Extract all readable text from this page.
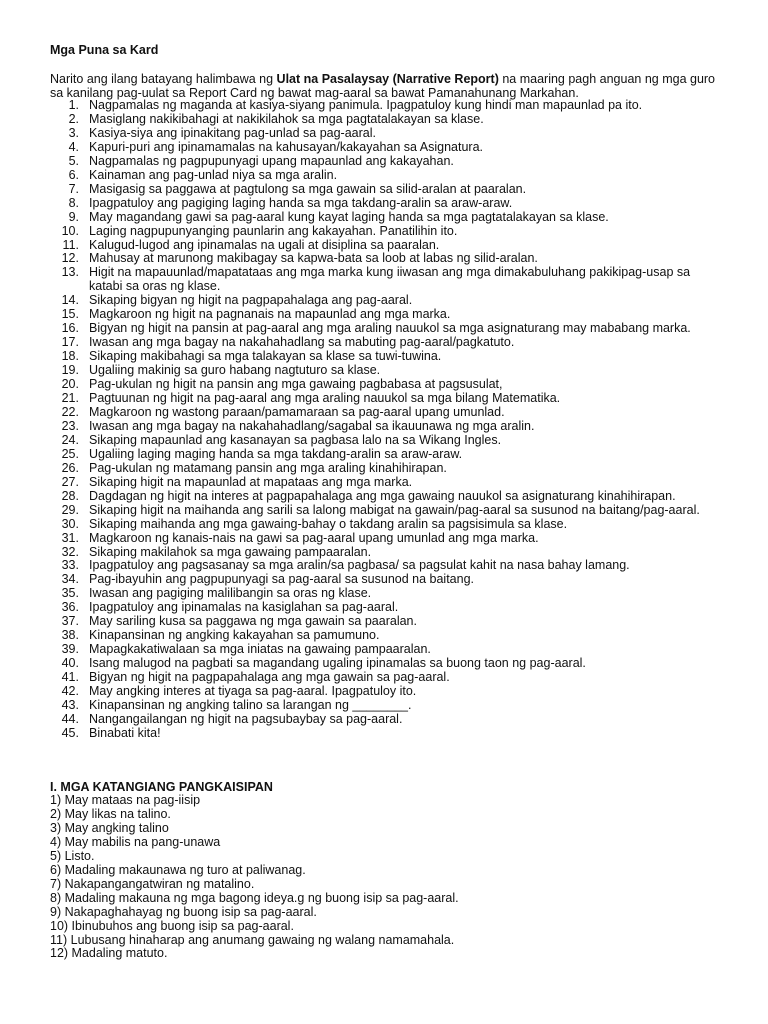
Mga Puna sa Kard
Narito ang ilang batayang halimbawa ng Ulat na Pasalaysay (Narrative Report) na maaring pagh anguan ng mga guro sa kanilang pag-uulat sa Report Card ng bawat mag-aaral sa bawat Pamanahunang Markahan.
1. Nagpamalas ng maganda at kasiya-siyang panimula. Ipagpatuloy kung hindi man mapaunlad pa ito.
2. Masiglang nakikibahagi at nakikilahok sa mga pagtatalakayan sa klase.
3. Kasiya-siya ang ipinakitang pag-unlad sa pag-aaral.
4. Kapuri-puri ang ipinamamalas na kahusayan/kakayahan sa Asignatura.
5. Nagpamalas ng pagpupunyagi upang mapaunlad ang kakayahan.
6. Kainaman ang pag-unlad niya sa mga aralin.
7. Masigasig sa paggawa at pagtulong sa mga gawain sa silid-aralan at paaralan.
8. Ipagpatuloy ang pagiging laging handa sa mga takdang-aralin sa araw-araw.
9. May magandang gawi sa pag-aaral kung kayat laging handa sa mga pagtatalakayan sa klase.
10. Laging nagpupunyanging paunlarin ang kakayahan. Panatilihin ito.
11. Kalugud-lugod ang ipinamalas na ugali at disiplina sa paaralan.
12. Mahusay at marunong makibagay sa kapwa-bata sa loob at labas ng silid-aralan.
13. Higit na mapauunlad/mapatataas ang mga marka kung iiwasan ang mga dimakabuluhang pakikipag-usap sa katabi sa oras ng klase.
14. Sikaping bigyan ng higit na pagpapahalaga ang pag-aaral.
15. Magkaroon ng higit na pagnanais na mapaunlad ang mga marka.
16. Bigyan ng higit na pansin at pag-aaral ang mga araling nauukol sa mga asignaturang may mababang marka.
17. Iwasan ang mga bagay na nakahahadlang sa mabuting pag-aaral/pagkatuto.
18. Sikaping makibahagi sa mga talakayan sa klase sa tuwi-tuwina.
19. Ugaliing makinig sa guro habang nagtuturo sa klase.
20. Pag-ukulan ng higit na pansin ang mga gawaing pagbabasa at pagsusulat,
21. Pagtuunan ng higit na pag-aaral ang mga araling nauukol sa mga bilang Matematika.
22. Magkaroon ng wastong paraan/pamamaraan sa pag-aaral upang umunlad.
23. Iwasan ang mga bagay na nakahahadlang/sagabal sa ikauunawa ng mga aralin.
24. Sikaping mapaunlad ang kasanayan sa pagbasa lalo na sa Wikang Ingles.
25. Ugaliing laging maging handa sa mga takdang-aralin sa araw-araw.
26. Pag-ukulan ng matamang pansin ang mga araling kinahihirapan.
27. Sikaping higit na mapaunlad at mapataas ang mga marka.
28. Dagdagan ng higit na interes at pagpapahalaga ang mga gawaing nauukol sa asignaturang kinahihirapan.
29. Sikaping higit na maihanda ang sarili sa lalong mabigat na gawain/pag-aaral sa susunod na baitang/pag-aaral.
30. Sikaping maihanda ang mga gawaing-bahay o takdang aralin sa pagsisimula sa klase.
31. Magkaroon ng kanais-nais na gawi sa pag-aaral upang umunlad ang mga marka.
32. Sikaping makilahok sa mga gawaing pampaaralan.
33. Ipagpatuloy ang pagsasanay sa mga aralin/sa pagbasa/ sa pagsulat kahit na nasa bahay lamang.
34. Pag-ibayuhin ang pagpupunyagi sa pag-aaral sa susunod na baitang.
35. Iwasan ang pagiging malilibangin sa oras ng klase.
36. Ipagpatuloy ang ipinamalas na kasiglahan sa pag-aaral.
37. May sariling kusa sa paggawa ng mga gawain sa paaralan.
38. Kinapansinan ng angking kakayahan sa pamumuno.
39. Mapagkakatiwalaan sa mga iniatas na gawaing pampaaralan.
40. Isang malugod na pagbati sa magandang ugaling ipinamalas sa buong taon ng pag-aaral.
41. Bigyan ng higit na pagpapahalaga ang mga gawain sa pag-aaral.
42. May angking interes at tiyaga sa pag-aaral. Ipagpatuloy ito.
43. Kinapansinan ng angking talino sa larangan ng ________.
44. Nangangailangan ng higit na pagsubaybay sa pag-aaral.
45. Binabati kita!
I. MGA KATANGIANG PANGKAISIPAN
1) May mataas na pag-iisip
2) May likas na talino.
3) May angking talino
4) May mabilis na pang-unawa
5) Listo.
6) Madaling makaunawa ng turo at paliwanag.
7) Nakapangangatwiran ng matalino.
8) Madaling makauna ng mga bagong ideya.g ng buong isip sa pag-aaral.
9) Nakapaghahayag ng buong isip sa pag-aaral.
10) Ibinubuhos ang buong isip sa pag-aaral.
11) Lubusang hinaharap ang anumang gawaing ng walang namamahala.
12) Madaling matuto.
